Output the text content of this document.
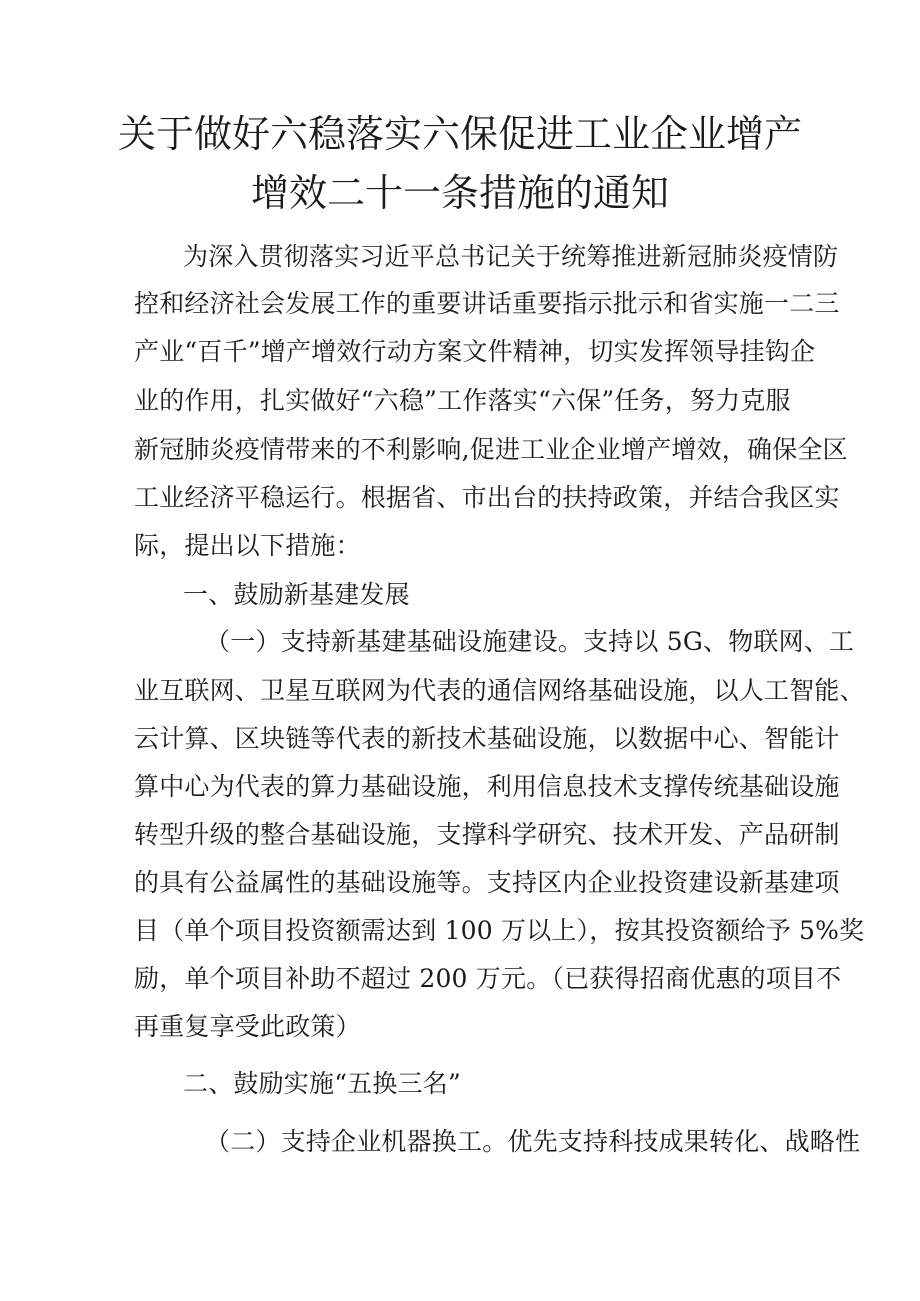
关于做好六稳落实六保促进工业企业增产
增效二十一条措施的通知

为深入贯彻落实习近平总书记关于统筹推进新冠肺炎疫情防

控和经济社会发展工作的重要讲话重要指示批示和省实施一二三

产业“百千”增产增效行动方案文件精神，切实发挥领导挂钩企

业的作用，扎实做好“六稳”工作落实“六保”任务，努力克服

新冠肺炎疫情带来的不利影响,促进工业企业增产增效，确保全区

工业经济平稳运行。根据省、市出台的扶持政策，并结合我区实

际，提出以下措施：

一、鼓励新基建发展

（一）支持新基建基础设施建设。支持以 5G、物联网、工

业互联网、卫星互联网为代表的通信网络基础设施，以人工智能、

云计算、区块链等代表的新技术基础设施，以数据中心、智能计

算中心为代表的算力基础设施，利用信息技术支撑传统基础设施

转型升级的整合基础设施，支撑科学研究、技术开发、产品研制

的具有公益属性的基础设施等。支持区内企业投资建设新基建项

目（单个项目投资额需达到 100 万以上），按其投资额给予 5%奖

励，单个项目补助不超过 200 万元。（已获得招商优惠的项目不

再重复享受此政策）

二、鼓励实施“五换三名”

（二）支持企业机器换工。优先支持科技成果转化、战略性
